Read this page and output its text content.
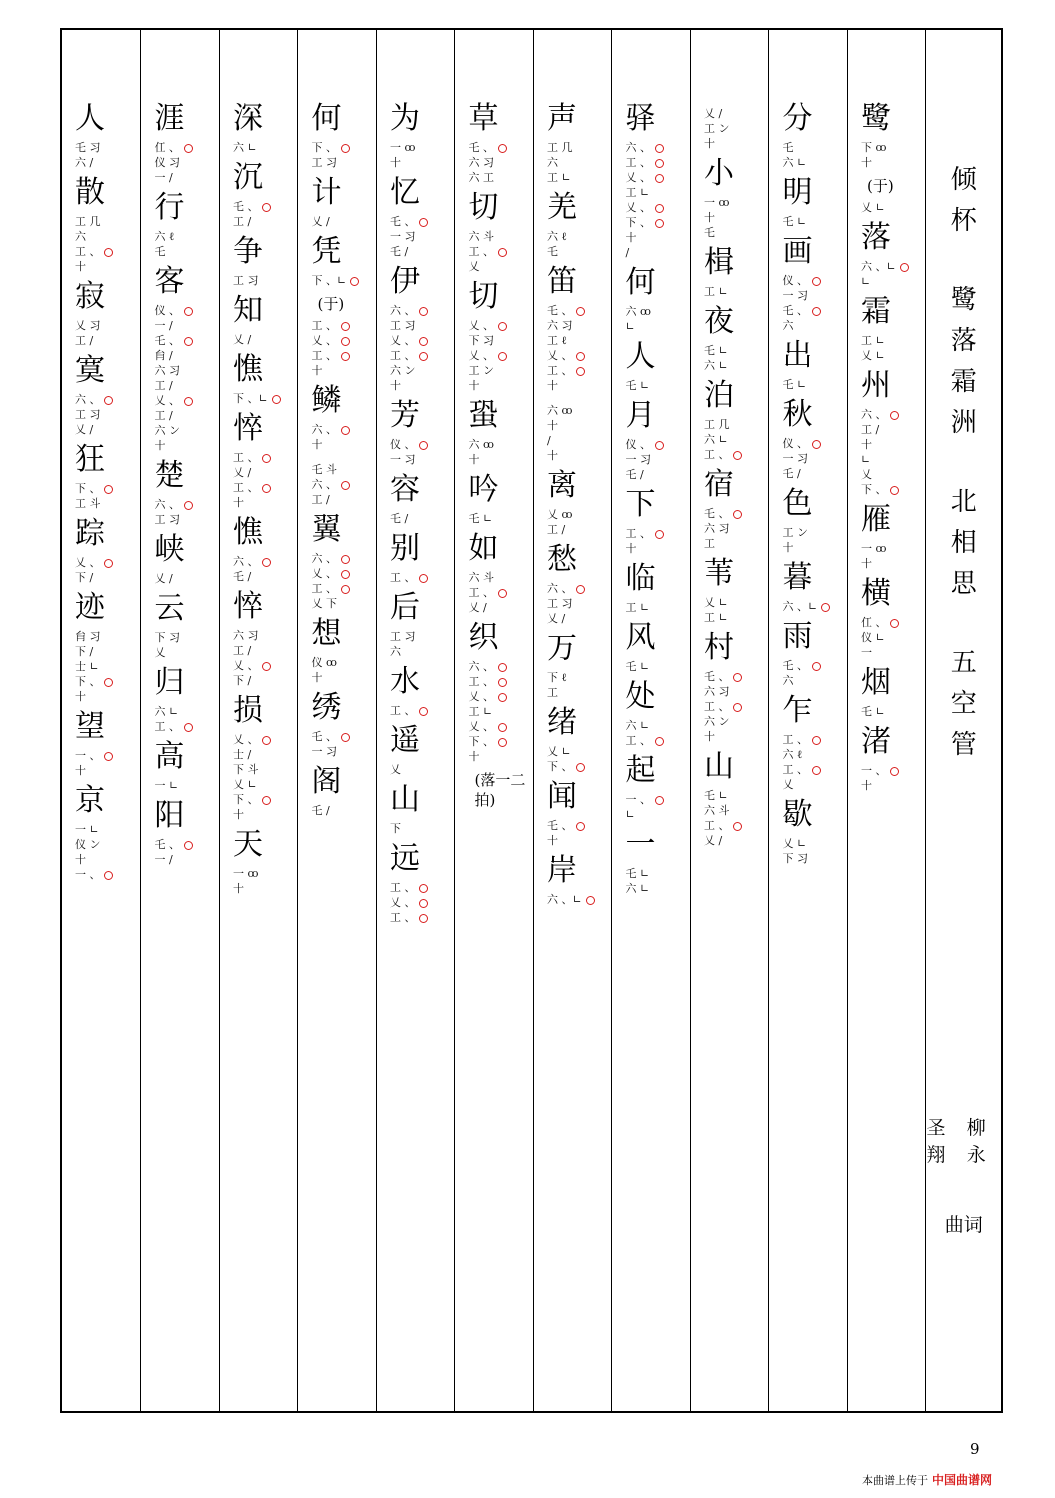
倾
杯
鹭
落
霜
洲
北
相
思
五
空
管
柳永
圣翔
曲词
鹭
下 ꝏ
十
(于)
乂 ∟
落
六 、∟
∟
霜
工 ∟
乂 ∟
州
六 、
工 /
十
∟
乂
下 、
雁
一 ꝏ
十
横
仜 、
仪 ∟
一
烟
乇 ∟
渚
一 、
十
分
乇
六 ∟
明
乇 ∟
画
仪 、
一 习
乇 、
六
出
乇 ∟
秋
仪 、
一 习
乇 /
色
工 ン
十
暮
六 、∟
雨
乇 、
六
乍
工 、
六 ℓ
工 、
乂
歇
乂 ∟
下 习
乂 /
工 ン
十
小
一 ꝏ
十
乇
楫
工 ∟
夜
乇 ∟
六 ∟
泊
工 几
六 ∟
工 、
宿
乇 、
六 习
工
苇
乂 ∟
工 ∟
村
乇 、
六 习
工 、
六 ン
十
山
乇 ∟
六 斗
工 、
乂 /
驿
六 、
工 、
乂 、
工 ∟
乂 、
下 、
十
/
何
六 ꝏ
∟
人
乇 ∟
月
仪 、
一 习
乇 /
下
工 、
十
临
工 ∟
风
乇 ∟
处
六 ∟
工 、
起
一 、
∟
一
乇 ∟
六 ∟
声
工 几
六
工 ∟
羌
六 ℓ
乇
笛
乇 、
六 习
工 ℓ
乂 、
工 、
十
六 ꝏ
十
/
十
离
乂 ꝏ
工 /
愁
六 、
工 习
乂 /
万
下 ℓ
工
绪
乂 ∟
下 、
闻
乇 、
十
岸
六 、∟
草
乇 、
六 习
六 工
切
六 斗
工 、
乂
切
乂 、
下 习
乂 、
工 ン
十
蛩
六 ꝏ
十
吟
乇 ∟
如
六 斗
工 、
乂 /
织
六 、
工 、
乂 、
工 ∟
乂 、
下 、
十
(落一二拍)
为
一 ꝏ
十
忆
乇 、
一 习
乇 /
伊
六 、
工 习
乂 、
工 、
六 ン
十
芳
仪 、
一 习
容
乇 /
别
工 、
后
工 习
六
水
工 、
遥
乂
山
下
远
工 、
乂 、
工 、
何
下 、
工 习
计
乂 /
凭
下 、∟
(于)
工 、
乂 、
工 、
十
鳞
六 、
十
乇 斗
六 、
工 /
翼
六 、
乂 、
工 、
乂 下
想
仪 ꝏ
十
绣
乇 、
一 习
阁
乇 /
深
六 ∟
沉
乇 、
工 /
争
工 习
知
乂 /
憔
下 、∟
悴
工 、
乂 /
工 、
十
憔
六 、
乇 /
悴
六 习
工 /
乂 、
下 /
损
乂 、
士 /
下 斗
乂 ∟
下 、
十
天
一 ꝏ
十
涯
仜 、
仪 习
一 /
行
六 ℓ
乇
客
仪 、
一 /
乇 、
䏍 /
六 习
工 /
乂 、
工 /
六 ン
十
楚
六 、
工 习
峡
乂 /
云
下 习
乂
归
六 ∟
工 、
高
一 ∟
阳
乇 、
一 /
人
乇 习
六 /
散
工 几
六
工 、
十
寂
乂 习
工 /
寞
六 、
工 习
乂 /
狂
下 、
工 斗
踪
乂 、
下 /
迹
䏍 习
下 /
士 ∟
下 、
十
望
一 、
十
京
一 ∟
仪 ン
十
一 、
9
本曲谱上传于 中国曲谱网
